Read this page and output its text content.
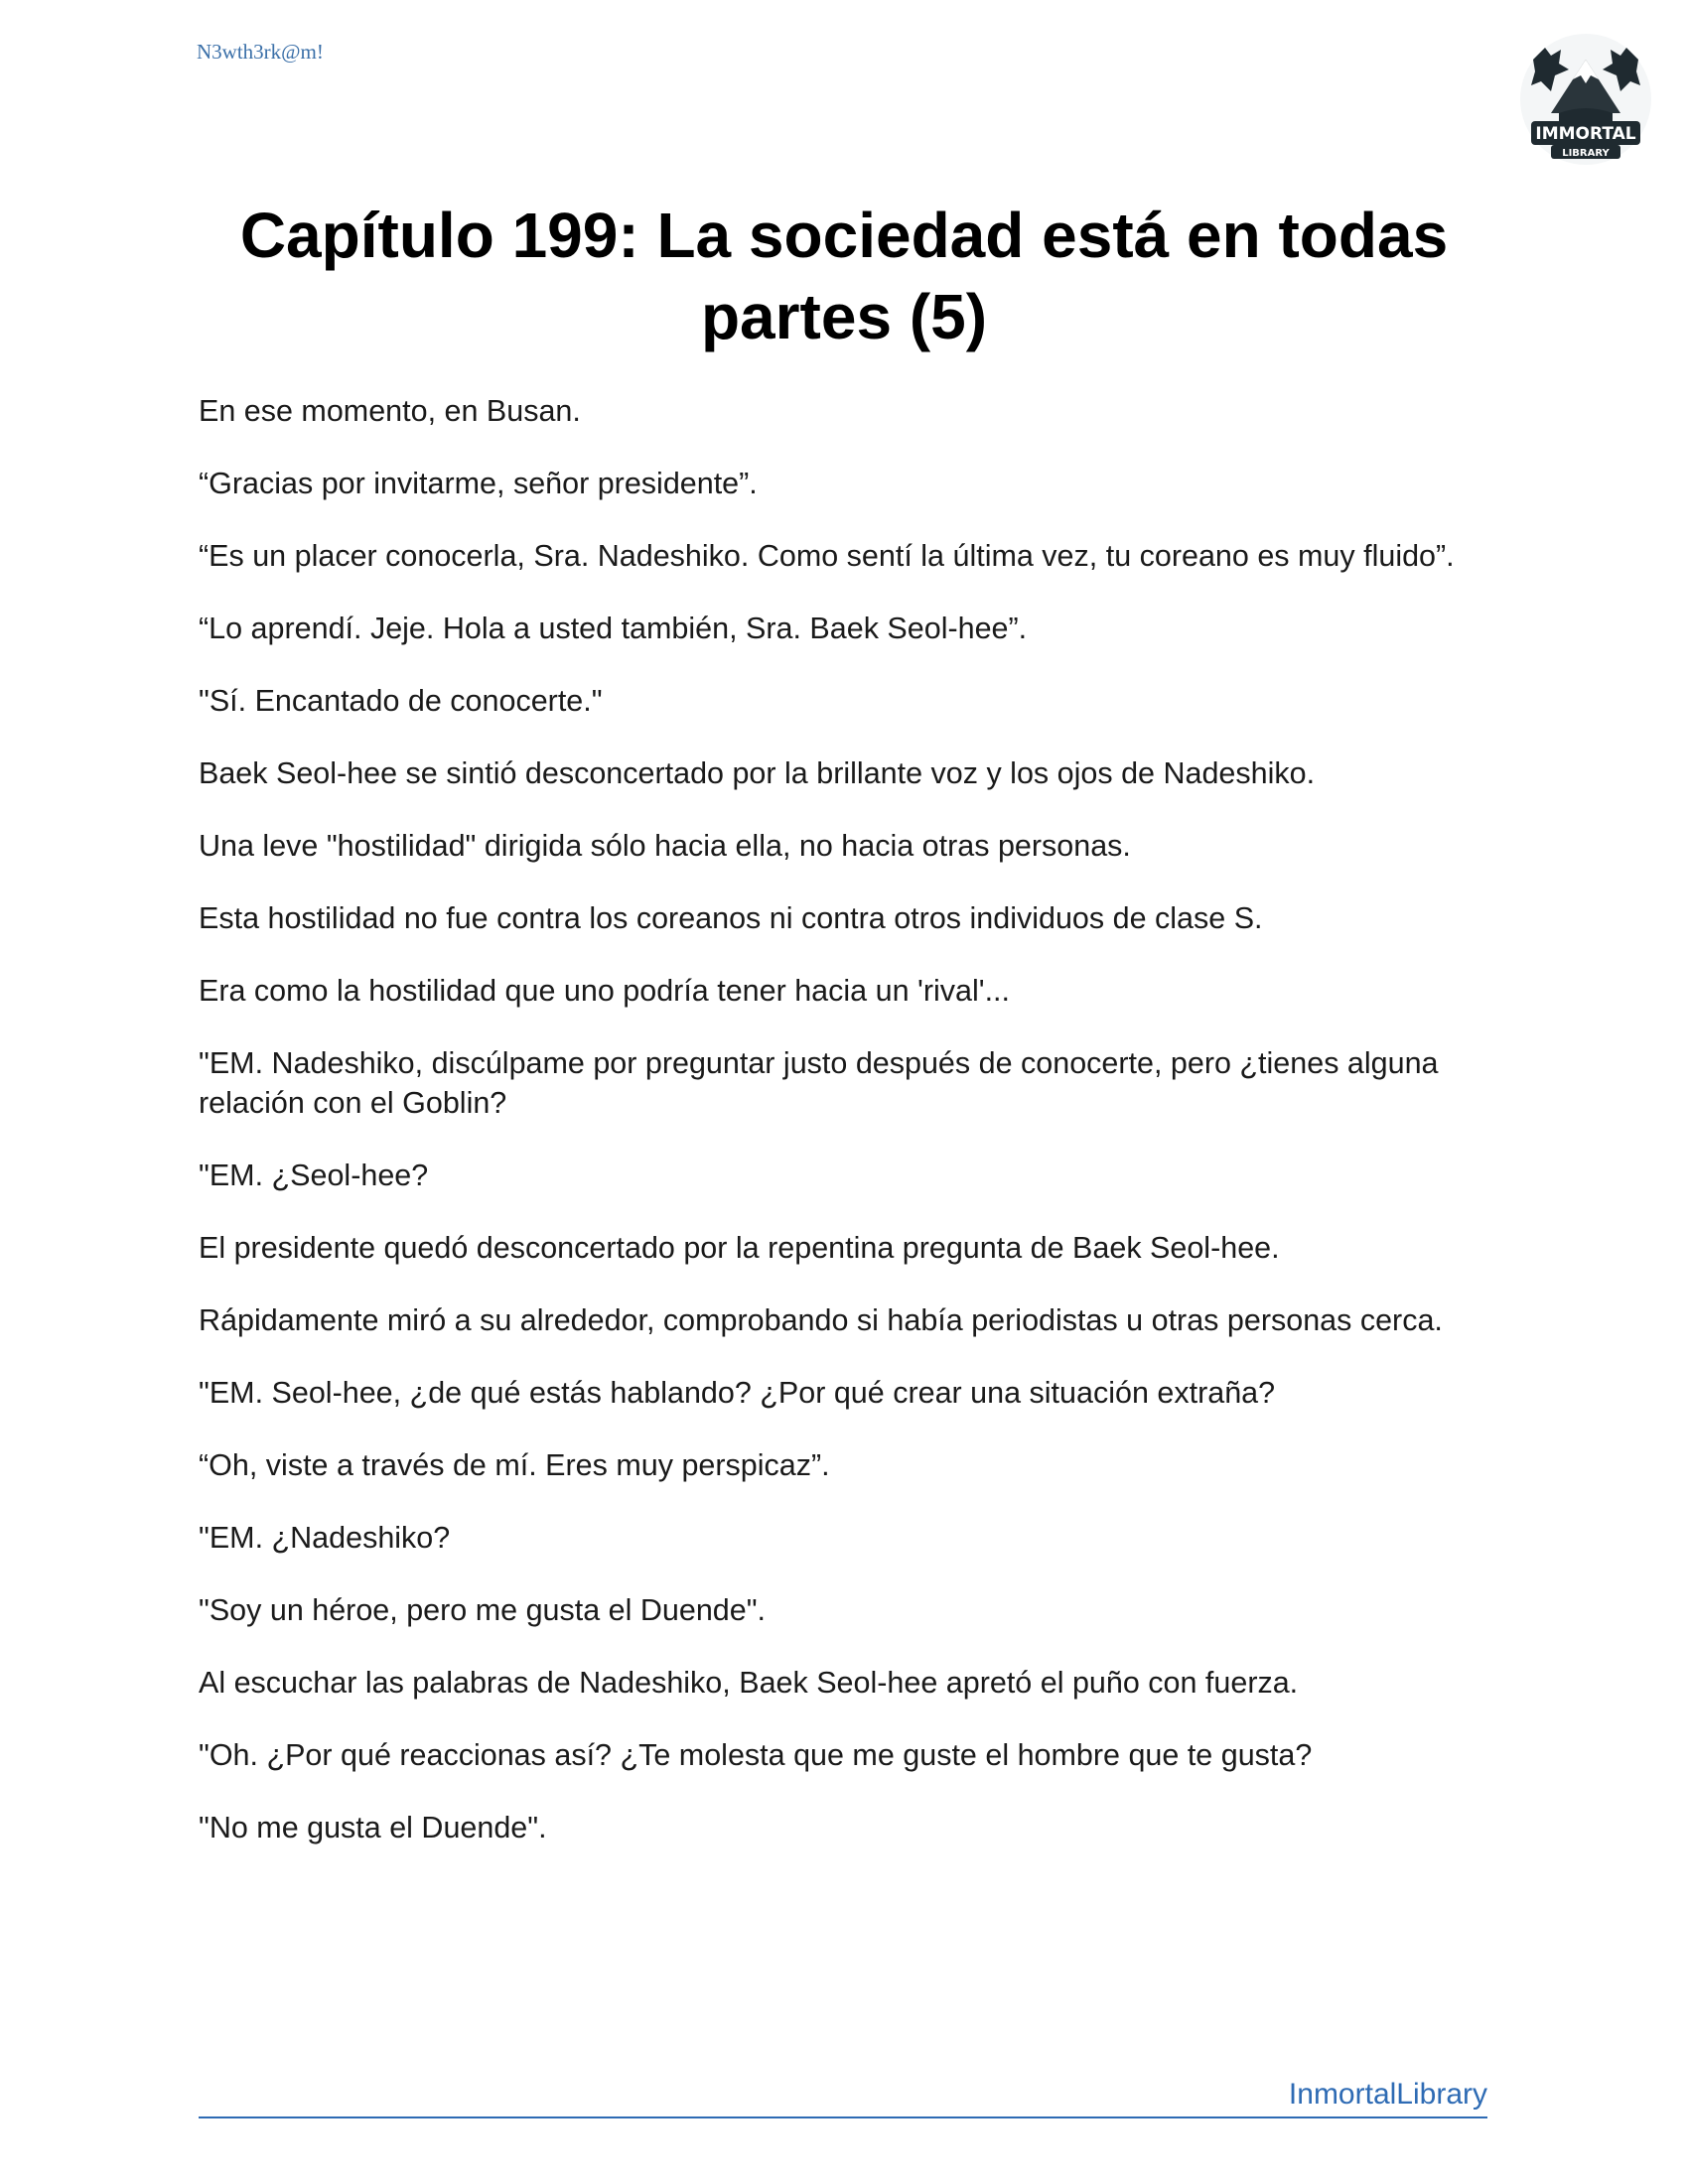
N3wth3rk@m!
IMMORTAL
LIBRARY
Capítulo 199: La sociedad está en todas partes (5)

En ese momento, en Busan.

“Gracias por invitarme, señor presidente”.

“Es un placer conocerla, Sra. Nadeshiko. Como sentí la última vez, tu coreano es muy fluido”.

“Lo aprendí. Jeje. Hola a usted también, Sra. Baek Seol-hee”.

"Sí. Encantado de conocerte."

Baek Seol-hee se sintió desconcertado por la brillante voz y los ojos de Nadeshiko.

Una leve "hostilidad" dirigida sólo hacia ella, no hacia otras personas.

Esta hostilidad no fue contra los coreanos ni contra otros individuos de clase S.

Era como la hostilidad que uno podría tener hacia un 'rival'...

"EM. Nadeshiko, discúlpame por preguntar justo después de conocerte, pero ¿tienes alguna relación con el Goblin?

"EM. ¿Seol-hee?

El presidente quedó desconcertado por la repentina pregunta de Baek Seol-hee.

Rápidamente miró a su alrededor, comprobando si había periodistas u otras personas cerca.

"EM. Seol-hee, ¿de qué estás hablando? ¿Por qué crear una situación extraña?

“Oh, viste a través de mí. Eres muy perspicaz”.

"EM. ¿Nadeshiko?

"Soy un héroe, pero me gusta el Duende".

Al escuchar las palabras de Nadeshiko, Baek Seol-hee apretó el puño con fuerza.

"Oh. ¿Por qué reaccionas así? ¿Te molesta que me guste el hombre que te gusta?

"No me gusta el Duende".

InmortalLibrary
